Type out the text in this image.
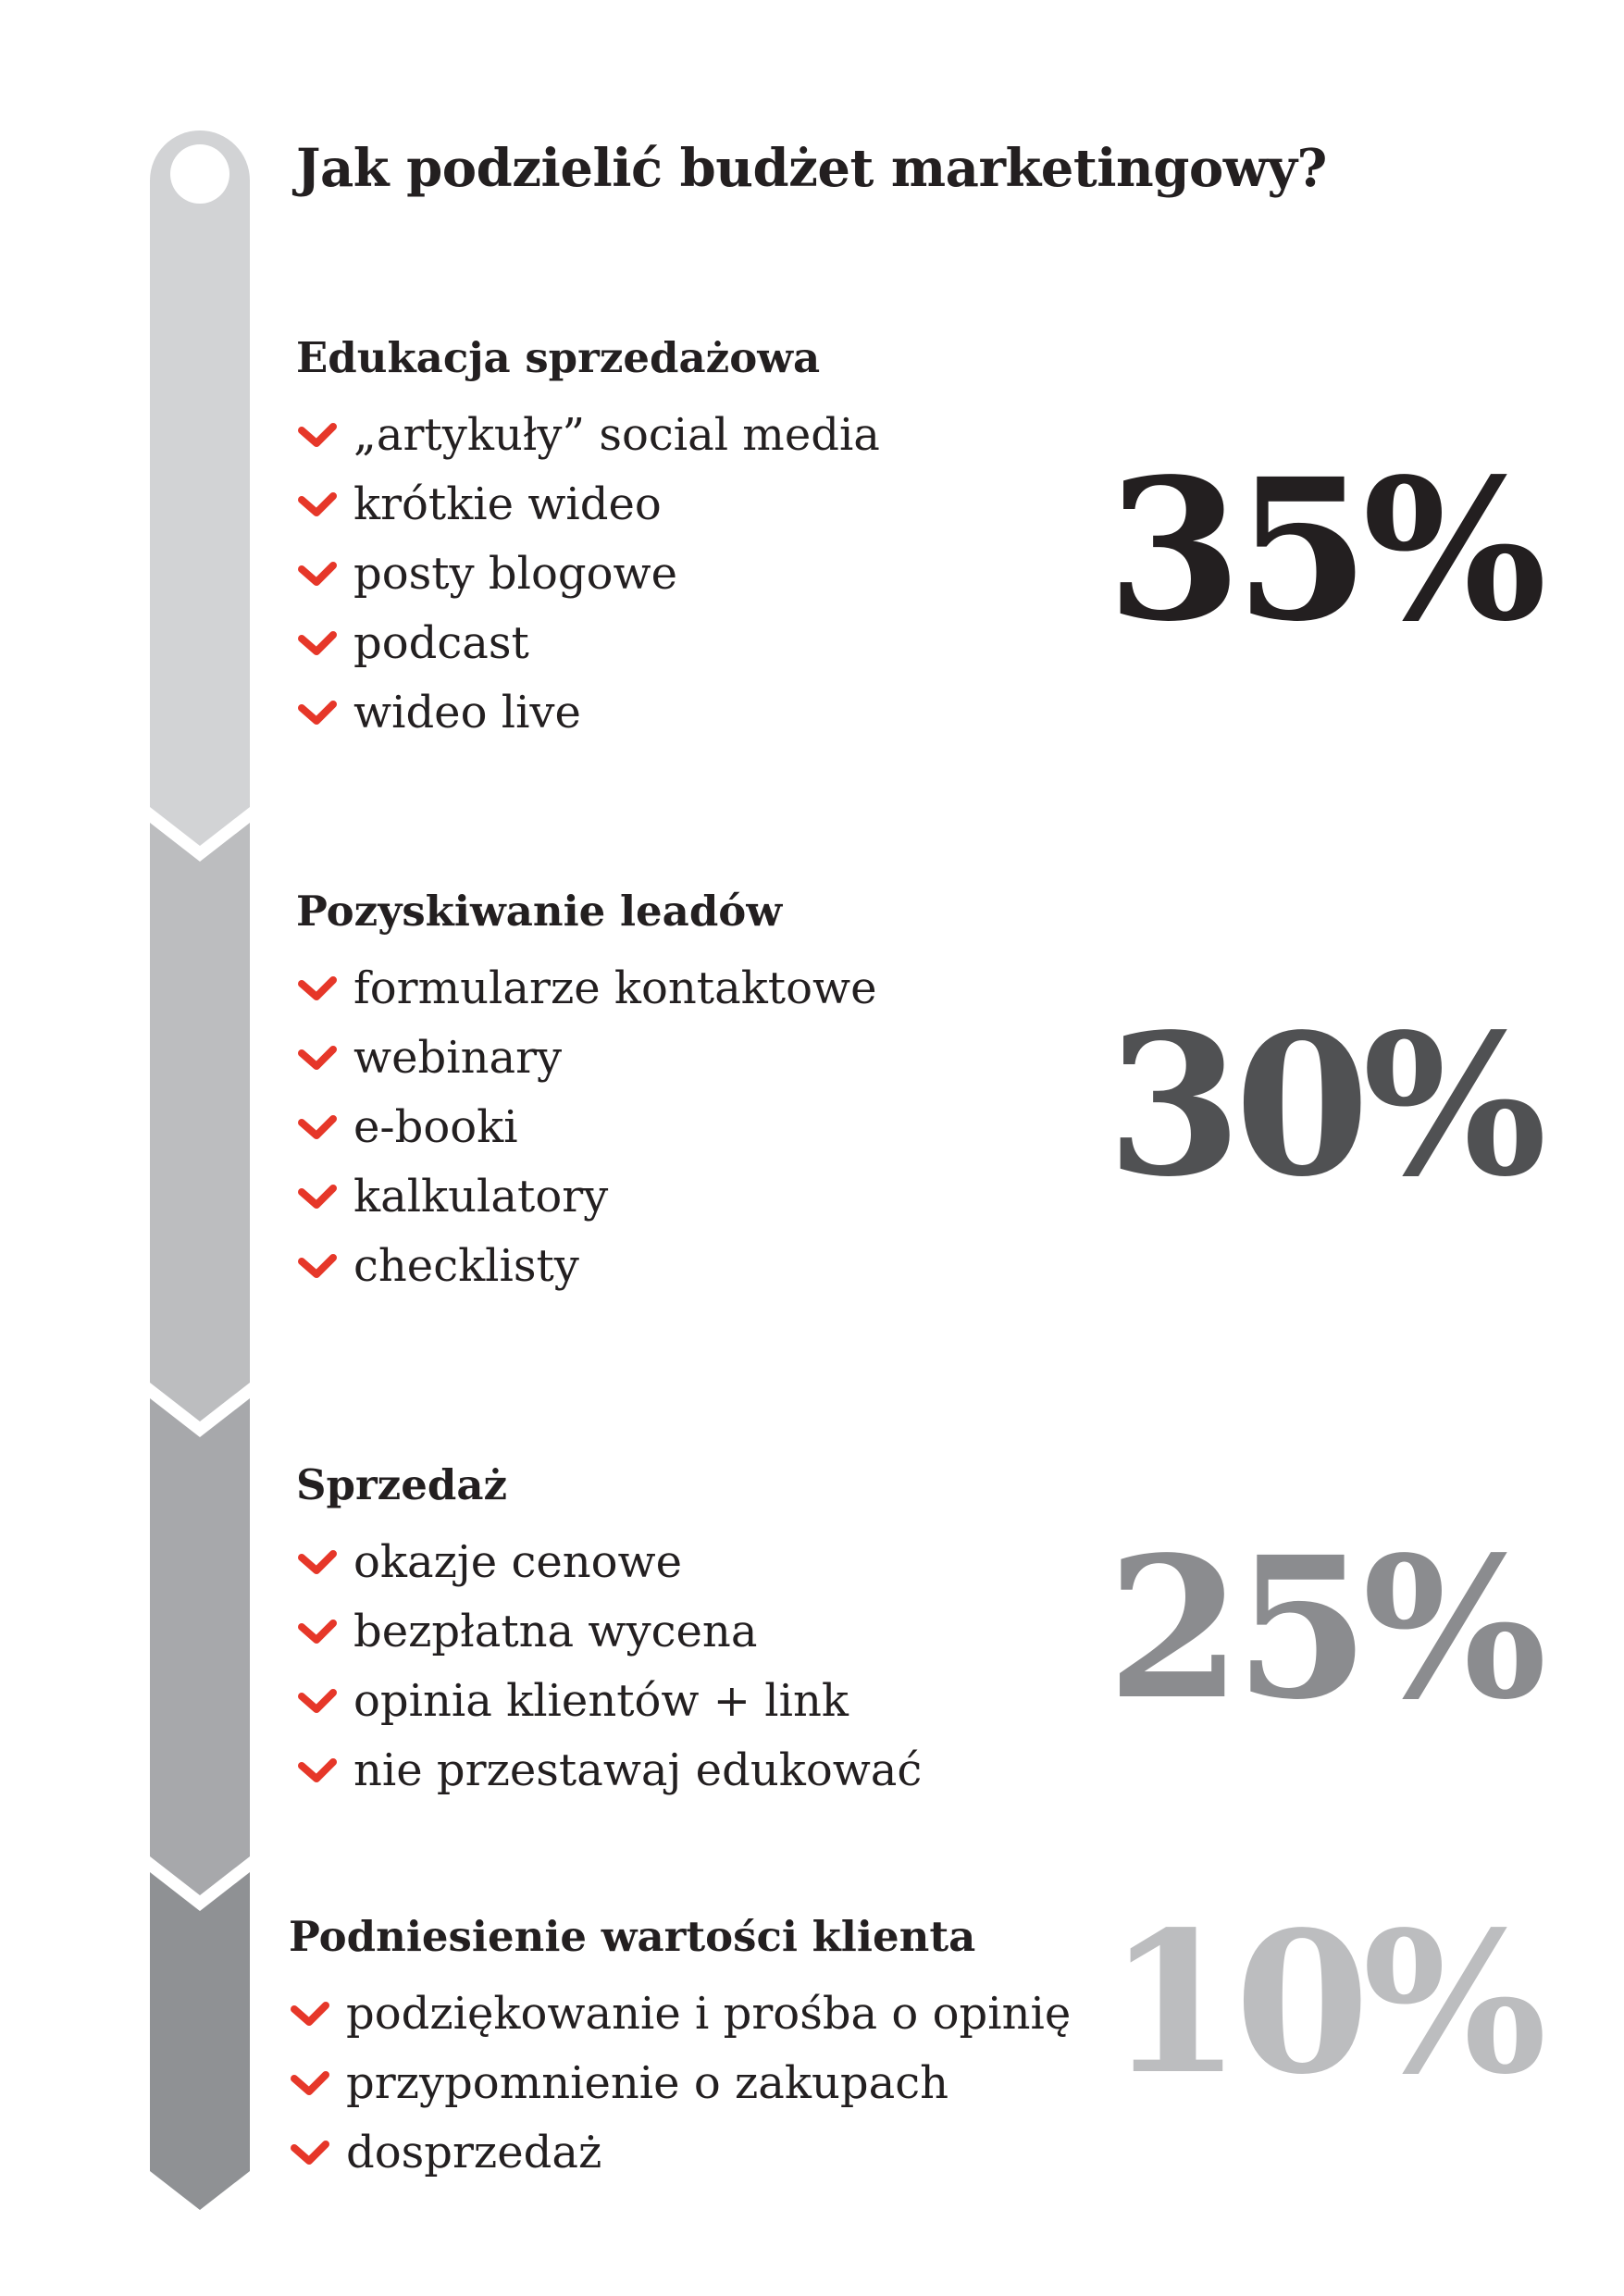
Jak podzielić budżet marketingowy?
Edukacja sprzedażowa
„artykuły” social media
krótkie wideo
posty blogowe
podcast
wideo live
35%
Pozyskiwanie leadów
formularze kontaktowe
webinary
e-booki
kalkulatory
checklisty
30%
Sprzedaż
okazje cenowe
bezpłatna wycena
opinia klientów + link
nie przestawaj edukować
25%
Podniesienie wartości klienta
podziękowanie i prośba o opinię
przypomnienie o zakupach
dosprzedaż
10%
